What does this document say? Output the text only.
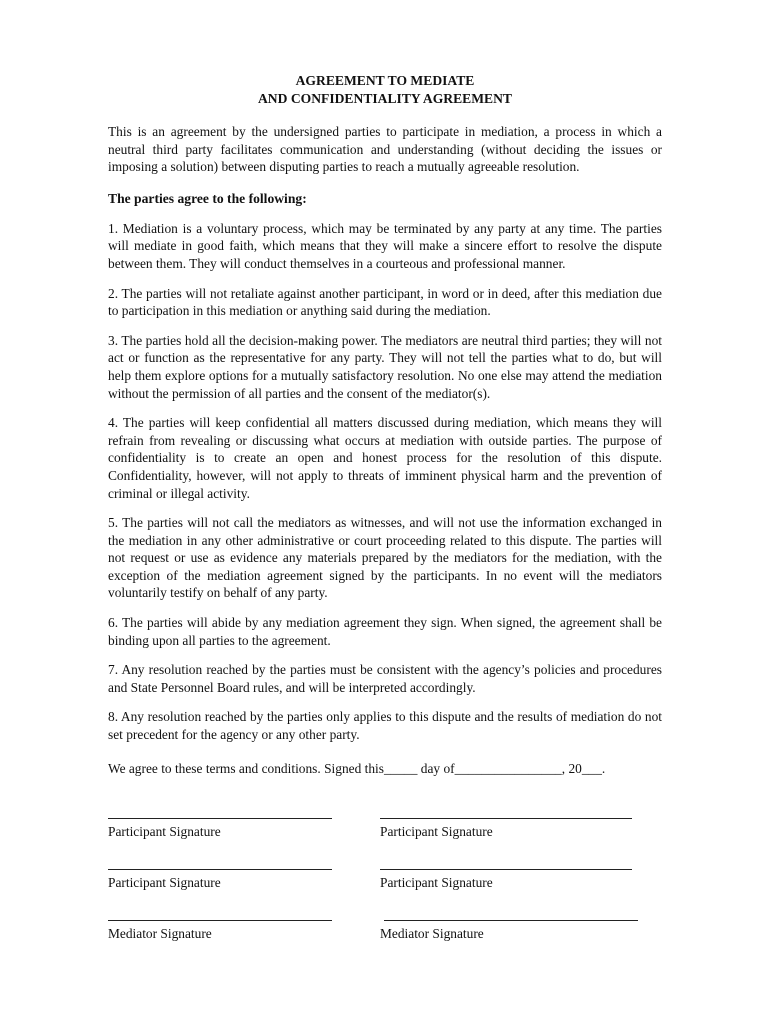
AGREEMENT TO MEDIATE

AND CONFIDENTIALITY AGREEMENT

This is an agreement by the undersigned parties to participate in mediation, a process in which a neutral third party facilitates communication and understanding (without deciding the issues or imposing a solution) between disputing parties to reach a mutually agreeable resolution.

The parties agree to the following:

1. Mediation is a voluntary process, which may be terminated by any party at any time. The parties will mediate in good faith, which means that they will make a sincere effort to resolve the dispute between them. They will conduct themselves in a courteous and professional manner.

2. The parties will not retaliate against another participant, in word or in deed, after this mediation due to participation in this mediation or anything said during the mediation.

3. The parties hold all the decision-making power. The mediators are neutral third parties; they will not act or function as the representative for any party. They will not tell the parties what to do, but will help them explore options for a mutually satisfactory resolution. No one else may attend the mediation without the permission of all parties and the consent of the mediator(s).

4. The parties will keep confidential all matters discussed during mediation, which means they will refrain from revealing or discussing what occurs at mediation with outside parties. The purpose of confidentiality is to create an open and honest process for the resolution of this dispute. Confidentiality, however, will not apply to threats of imminent physical harm and the prevention of criminal or illegal activity.

5. The parties will not call the mediators as witnesses, and will not use the information exchanged in the mediation in any other administrative or court proceeding related to this dispute. The parties will not request or use as evidence any materials prepared by the mediators for the mediation, with the exception of the mediation agreement signed by the participants. In no event will the mediators voluntarily testify on behalf of any party.

6. The parties will abide by any mediation agreement they sign. When signed, the agreement shall be binding upon all parties to the agreement.

7. Any resolution reached by the parties must be consistent with the agency’s policies and procedures and State Personnel Board rules, and will be interpreted accordingly.

8. Any resolution reached by the parties only applies to this dispute and the results of mediation do not set precedent for the agency or any other party.

We agree to these terms and conditions. Signed this_____ day of________________, 20___.

Participant Signature	Participant Signature
Participant Signature	Participant Signature
Mediator Signature	Mediator Signature
